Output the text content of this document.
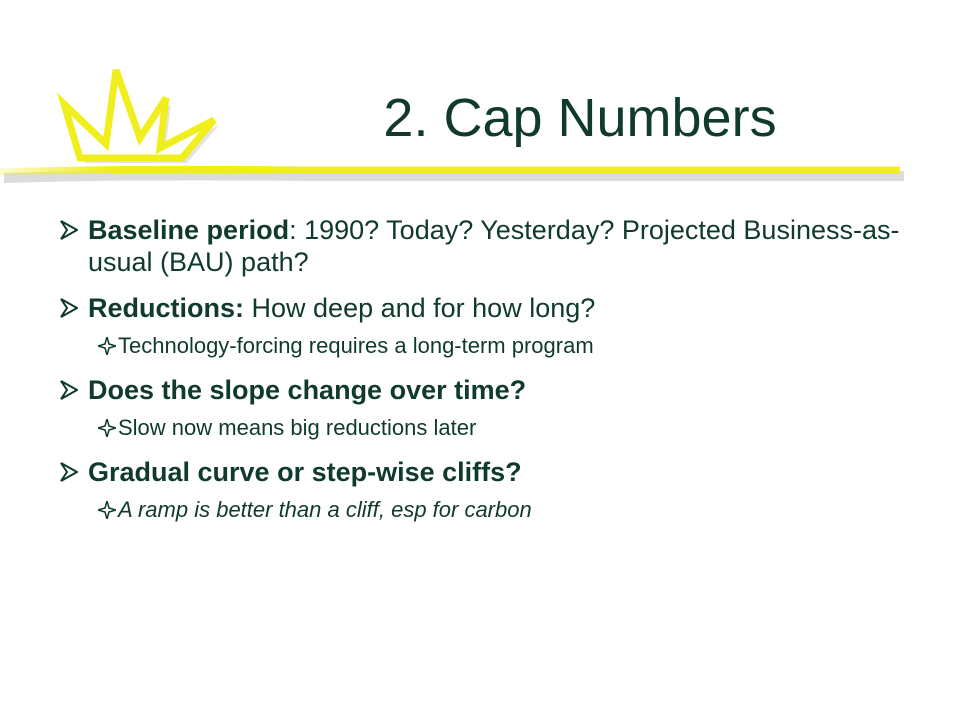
2. Cap Numbers
Baseline period: 1990? Today? Yesterday? Projected Business-as-usual (BAU) path?
Reductions: How deep and for how long?
Technology-forcing requires a long-term program
Does the slope change over time?
Slow now means big reductions later
Gradual curve or step-wise cliffs?
A ramp is better than a cliff, esp for carbon
